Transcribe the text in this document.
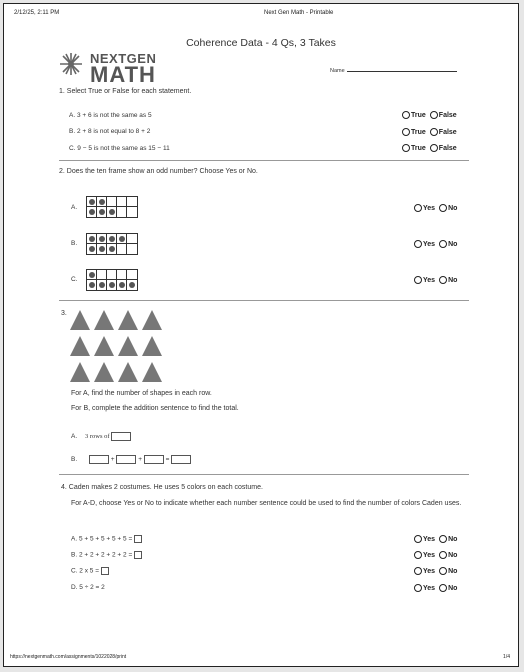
2/12/25, 2:11 PM	Next Gen Math - Printable
Coherence Data - 4 Qs, 3 Takes
NEXTGEN
MATH	Name
1. Select True or False for each statement.
A. 3 + 6 is not the same as 5	True False
B. 2 + 8 is not equal to 8 + 2	True False
C. 9 − 5 is not the same as 15 − 11	True False
2. Does the ten frame show an odd number? Choose Yes or No.
A.	Yes No
B.	Yes No
C.	Yes No
3.
For A, find the number of shapes in each row.
For B, complete the addition sentence to find the total.
A. 3 rows of
B.	+	+	=
4. Caden makes 2 costumes. He uses 5 colors on each costume.
For A-D, choose Yes or No to indicate whether each number sentence could be used to find the number of colors Caden uses.
A. 5 + 5 + 5 + 5 + 5 =	Yes No
B. 2 + 2 + 2 + 2 + 2 =	Yes No
C. 2 x 5 =	Yes No
D. 5 ÷ 2 = 2	Yes No
https://nextgenmath.com/assignments/1022028/print	1/4
